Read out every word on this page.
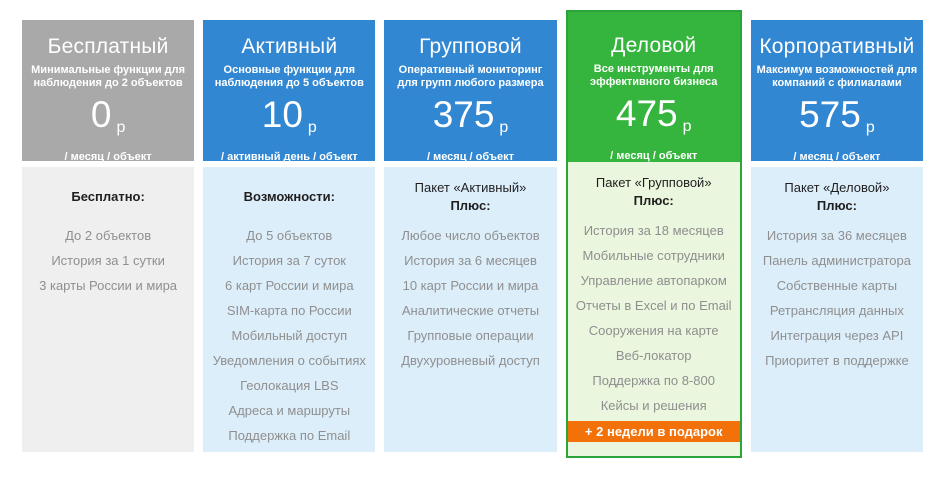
Бесплатный
Минимальные функции для наблюдения до 2 объектов
0 р
/ месяц / объект
Бесплатно:
До 2 объектов
История за 1 сутки
3 карты России и мира
Активный
Основные функции для наблюдения до 5 объектов
10 р
/ активный день / объект
Возможности:
До 5 объектов
История за 7 суток
6 карт России и мира
SIM-карта по России
Мобильный доступ
Уведомления о событиях
Геолокация LBS
Адреса и маршруты
Поддержка по Email
Групповой
Оперативный мониторинг для групп любого размера
375 р
/ месяц / объект
Пакет «Активный»
Плюс:
Любое число объектов
История за 6 месяцев
10 карт России и мира
Аналитические отчеты
Групповые операции
Двухуровневый доступ
Деловой
Все инструменты для эффективного бизнеса
475 р
/ месяц / объект
Пакет «Групповой»
Плюс:
История за 18 месяцев
Мобильные сотрудники
Управление автопарком
Отчеты в Excel и по Email
Сооружения на карте
Веб-локатор
Поддержка по 8-800
Кейсы и решения
+ 2 недели в подарок
Корпоративный
Максимум возможностей для компаний с филиалами
575 р
/ месяц / объект
Пакет «Деловой»
Плюс:
История за 36 месяцев
Панель администратора
Собственные карты
Ретрансляция данных
Интеграция через API
Приоритет в поддержке
